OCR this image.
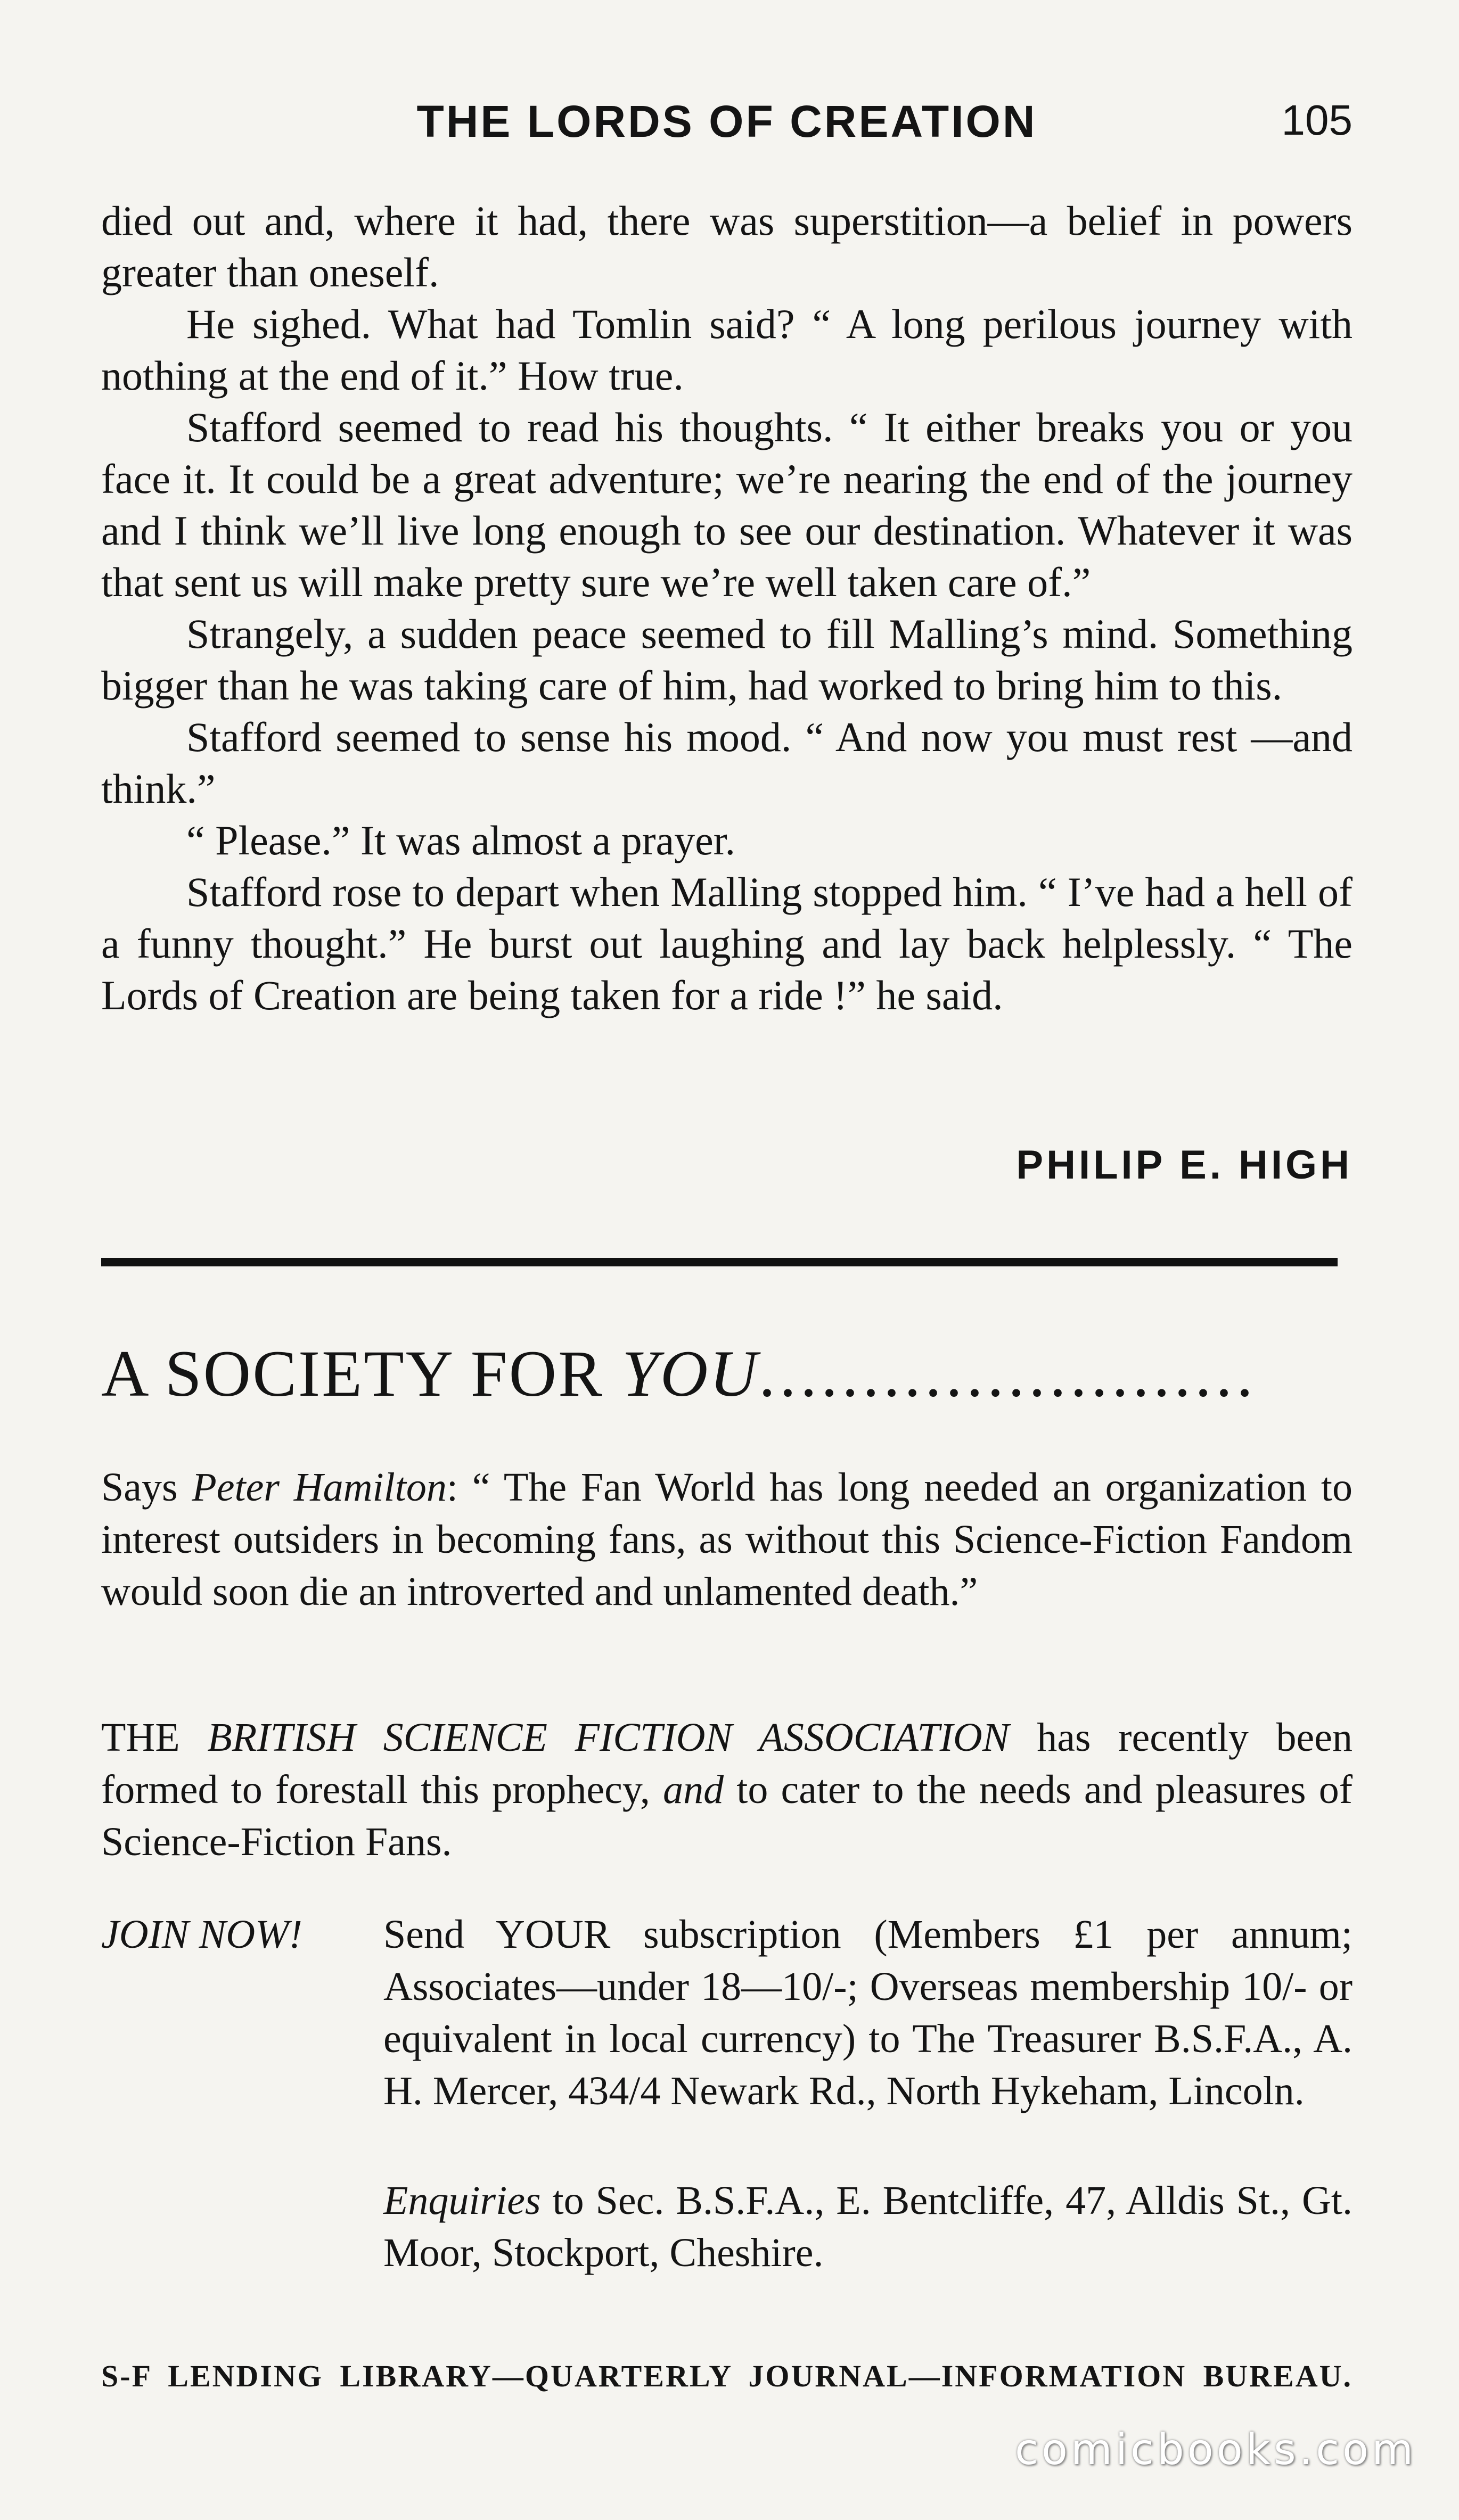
THE LORDS OF CREATION	105

died out and, where it had, there was superstition—a belief in powers greater than oneself.

He sighed. What had Tomlin said? “ A long perilous journey with nothing at the end of it.” How true.

Stafford seemed to read his thoughts. “ It either breaks you or you face it. It could be a great adventure; we’re nearing the end of the journey and I think we’ll live long enough to see our destination. Whatever it was that sent us will make pretty sure we’re well taken care of.”

Strangely, a sudden peace seemed to fill Malling’s mind. Something bigger than he was taking care of him, had worked to bring him to this.

Stafford seemed to sense his mood. “ And now you must rest —and think.”

“ Please.” It was almost a prayer.

Stafford rose to depart when Malling stopped him. “ I’ve had a hell of a funny thought.” He burst out laughing and lay back helplessly. “ The Lords of Creation are being taken for a ride !” he said.

PHILIP E. HIGH
A SOCIETY FOR YOU........................

Says Peter Hamilton: “ The Fan World has long needed an organization to interest outsiders in becoming fans, as without this Science-Fiction Fandom would soon die an introverted and unlamented death.”

THE BRITISH SCIENCE FICTION ASSOCIATION has recently been formed to forestall this prophecy, and to cater to the needs and pleasures of Science-Fiction Fans.

JOIN NOW! Send YOUR subscription (Members £1 per annum; Associates—under 18—10/-; Overseas membership 10/- or equivalent in local currency) to The Treasurer B.S.F.A., A. H. Mercer, 434/4 Newark Rd., North Hykeham, Lincoln.

Enquiries to Sec. B.S.F.A., E. Bentcliffe, 47, Alldis St., Gt. Moor, Stockport, Cheshire.

S-F LENDING LIBRARY—QUARTERLY JOURNAL—INFORMATION BUREAU.
comicbooks.com
